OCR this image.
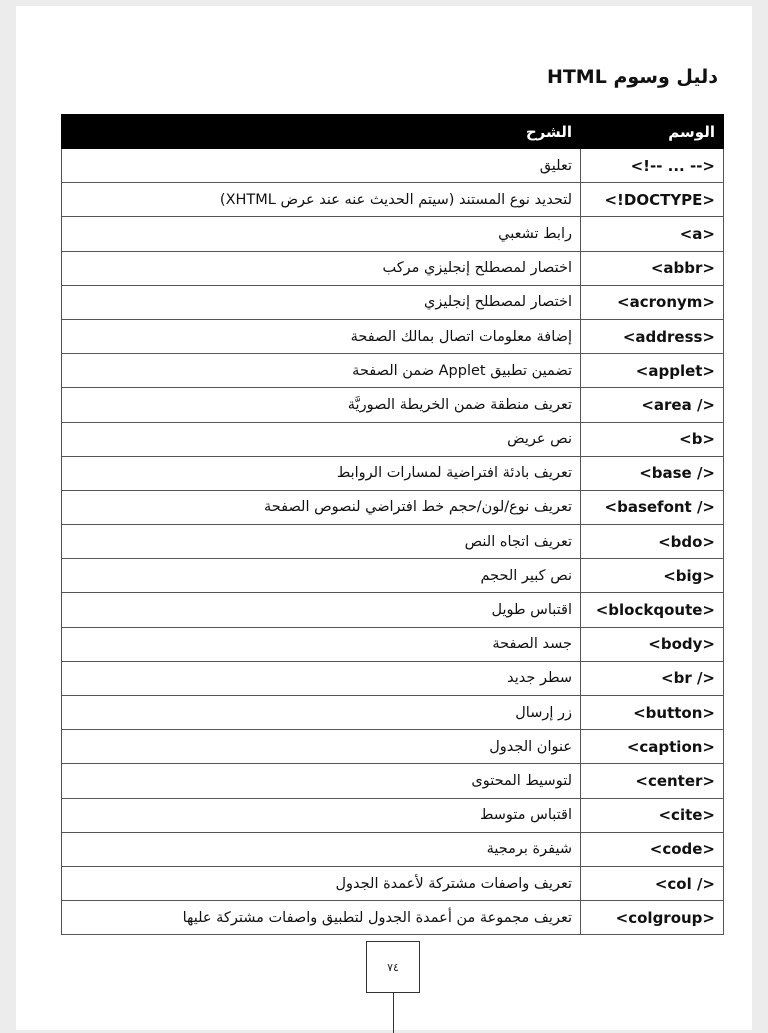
دليل وسوم HTML
الوسم	الشرح
<!-- ... -->	تعليق
<!DOCTYPE>	لتحديد نوع المستند (سيتم الحديث عنه عند عرض XHTML)
<a>	رابط تشعبي
<abbr>	اختصار لمصطلح إنجليزي مركب
<acronym>	اختصار لمصطلح إنجليزي
<address>	إضافة معلومات اتصال بمالك الصفحة
<applet>	تضمين تطبيق Applet ضمن الصفحة
<area />	تعريف منطقة ضمن الخريطة الصوريَّة
<b>	نص عريض
<base />	تعريف بادئة افتراضية لمسارات الروابط
<basefont />	تعريف نوع/لون/حجم خط افتراضي لنصوص الصفحة
<bdo>	تعريف اتجاه النص
<big>	نص كبير الحجم
<blockqoute>	اقتباس طويل
<body>	جسد الصفحة
<br />	سطر جديد
<button>	زر إرسال
<caption>	عنوان الجدول
<center>	لتوسيط المحتوى
<cite>	اقتباس متوسط
<code>	شيفرة برمجية
<col />	تعريف واصفات مشتركة لأعمدة الجدول
<colgroup>	تعريف مجموعة من أعمدة الجدول لتطبيق واصفات مشتركة عليها
٧٤
